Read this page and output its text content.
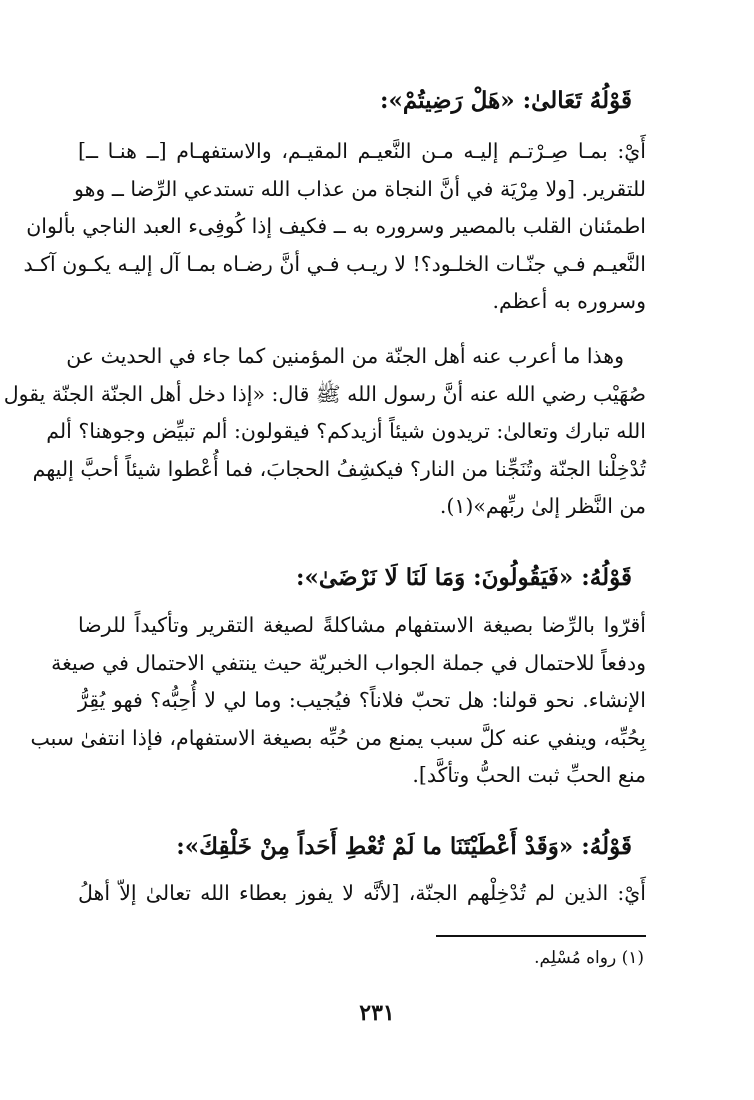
قَوْلُهُ تَعَالىٰ: «هَلْ رَضِيتُمْ»:
أَيْ: بمـا صِـرْتـم إليـه مـن النَّعيـم المقيـم، والاستفهـام [ــ هنـا ــ]
للتقرير. [ولا مِرْيَة في أنَّ النجاة من عذاب الله تستدعي الرِّضا ــ وهو
اطمئنان القلب بالمصير وسروره به ــ فكيف إذا كُوفِىء العبد الناجي بألوان
النَّعيـم فـي جنّـات الخلـود؟! لا ريـب فـي أنَّ رضـاه بمـا آل إليـه يكـون آكـد
وسروره به أعظم.
وهذا ما أعرب عنه أهل الجنّة من المؤمنين كما جاء في الحديث عن
صُهَيْب رضي الله عنه أنَّ رسول الله ﷺ قال: «إذا دخل أهل الجنّة الجنّة يقول
الله تبارك وتعالىٰ: تريدون شيئاً أزيدكم؟ فيقولون: ألم تبيِّض وجوهنا؟ ألم
تُدْخِلْنا الجنّة وتُنَجِّنا من النار؟ فيكشِفُ الحجابَ، فما أُعْطوا شيئاً أحبَّ إليهم
من النَّظر إلىٰ ربِّهم»(١).
قَوْلُهُ: «فَيَقُولُونَ: وَمَا لَنَا لَا نَرْضَىٰ»:
أقرّوا بالرِّضا بصيغة الاستفهام مشاكلةً لصيغة التقرير وتأكيداً للرضا
ودفعاً للاحتمال في جملة الجواب الخبريّة حيث ينتفي الاحتمال في صيغة
الإنشاء. نحو قولنا: هل تحبّ فلاناً؟ فيُجيب: وما لي لا أُحِبُّه؟ فهو يُقِرُّ
بِحُبِّه، وينفي عنه كلَّ سبب يمنع من حُبِّه بصيغة الاستفهام، فإذا انتفىٰ سبب
منع الحبِّ ثبت الحبُّ وتأكَّد].
قَوْلُهُ: «وَقَدْ أَعْطَيْتَنَا ما لَمْ تُعْطِ أَحَداً مِنْ خَلْقِكَ»:
أَيْ: الذين لم تُدْخِلْهم الجنّة، [لأنَّه لا يفوز بعطاء الله تعالىٰ إلاّ أهلُ
(١) رواه مُسْلِم.
٢٣١
